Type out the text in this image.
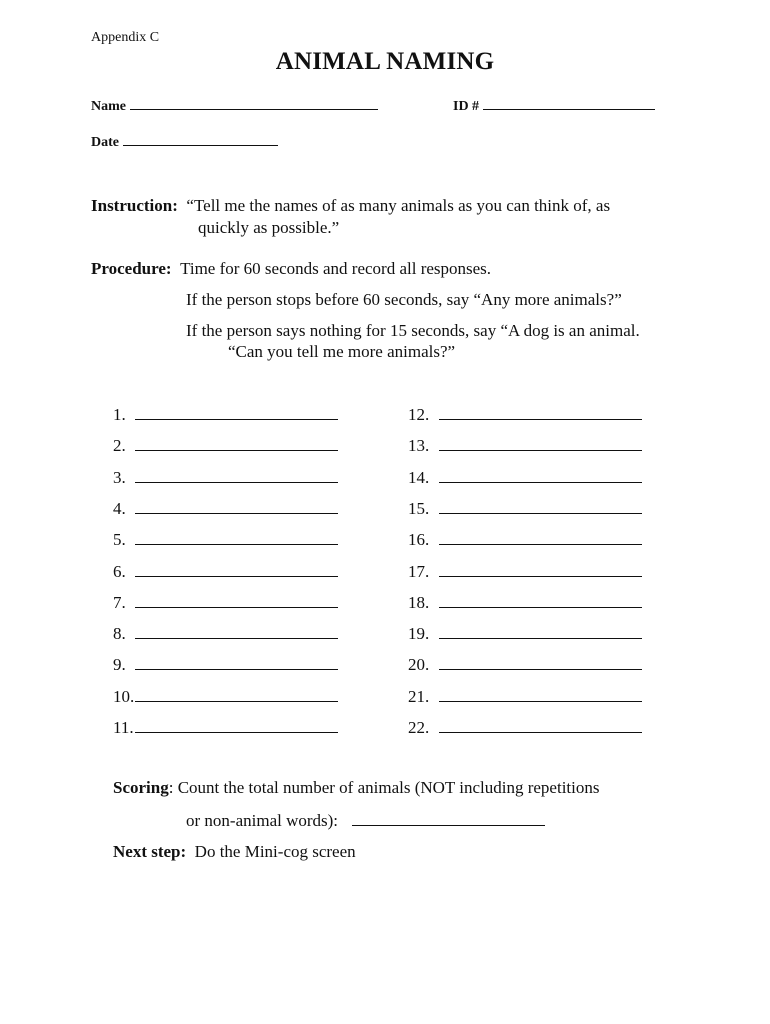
Appendix C
ANIMAL NAMING
Name	ID #
Date
Instruction: “Tell me the names of as many animals as you can think of, as
quickly as possible.”
Procedure: Time for 60 seconds and record all responses.
If the person stops before 60 seconds, say “Any more animals?”
If the person says nothing for 15 seconds, say “A dog is an animal.
“Can you tell me more animals?”
1.
2.
3.
4.
5.
6.
7.
8.
9.
10.
11.
12.
13.
14.
15.
16.
17.
18.
19.
20.
21.
22.
Scoring: Count the total number of animals (NOT including repetitions
or non-animal words):
Next step: Do the Mini-cog screen
